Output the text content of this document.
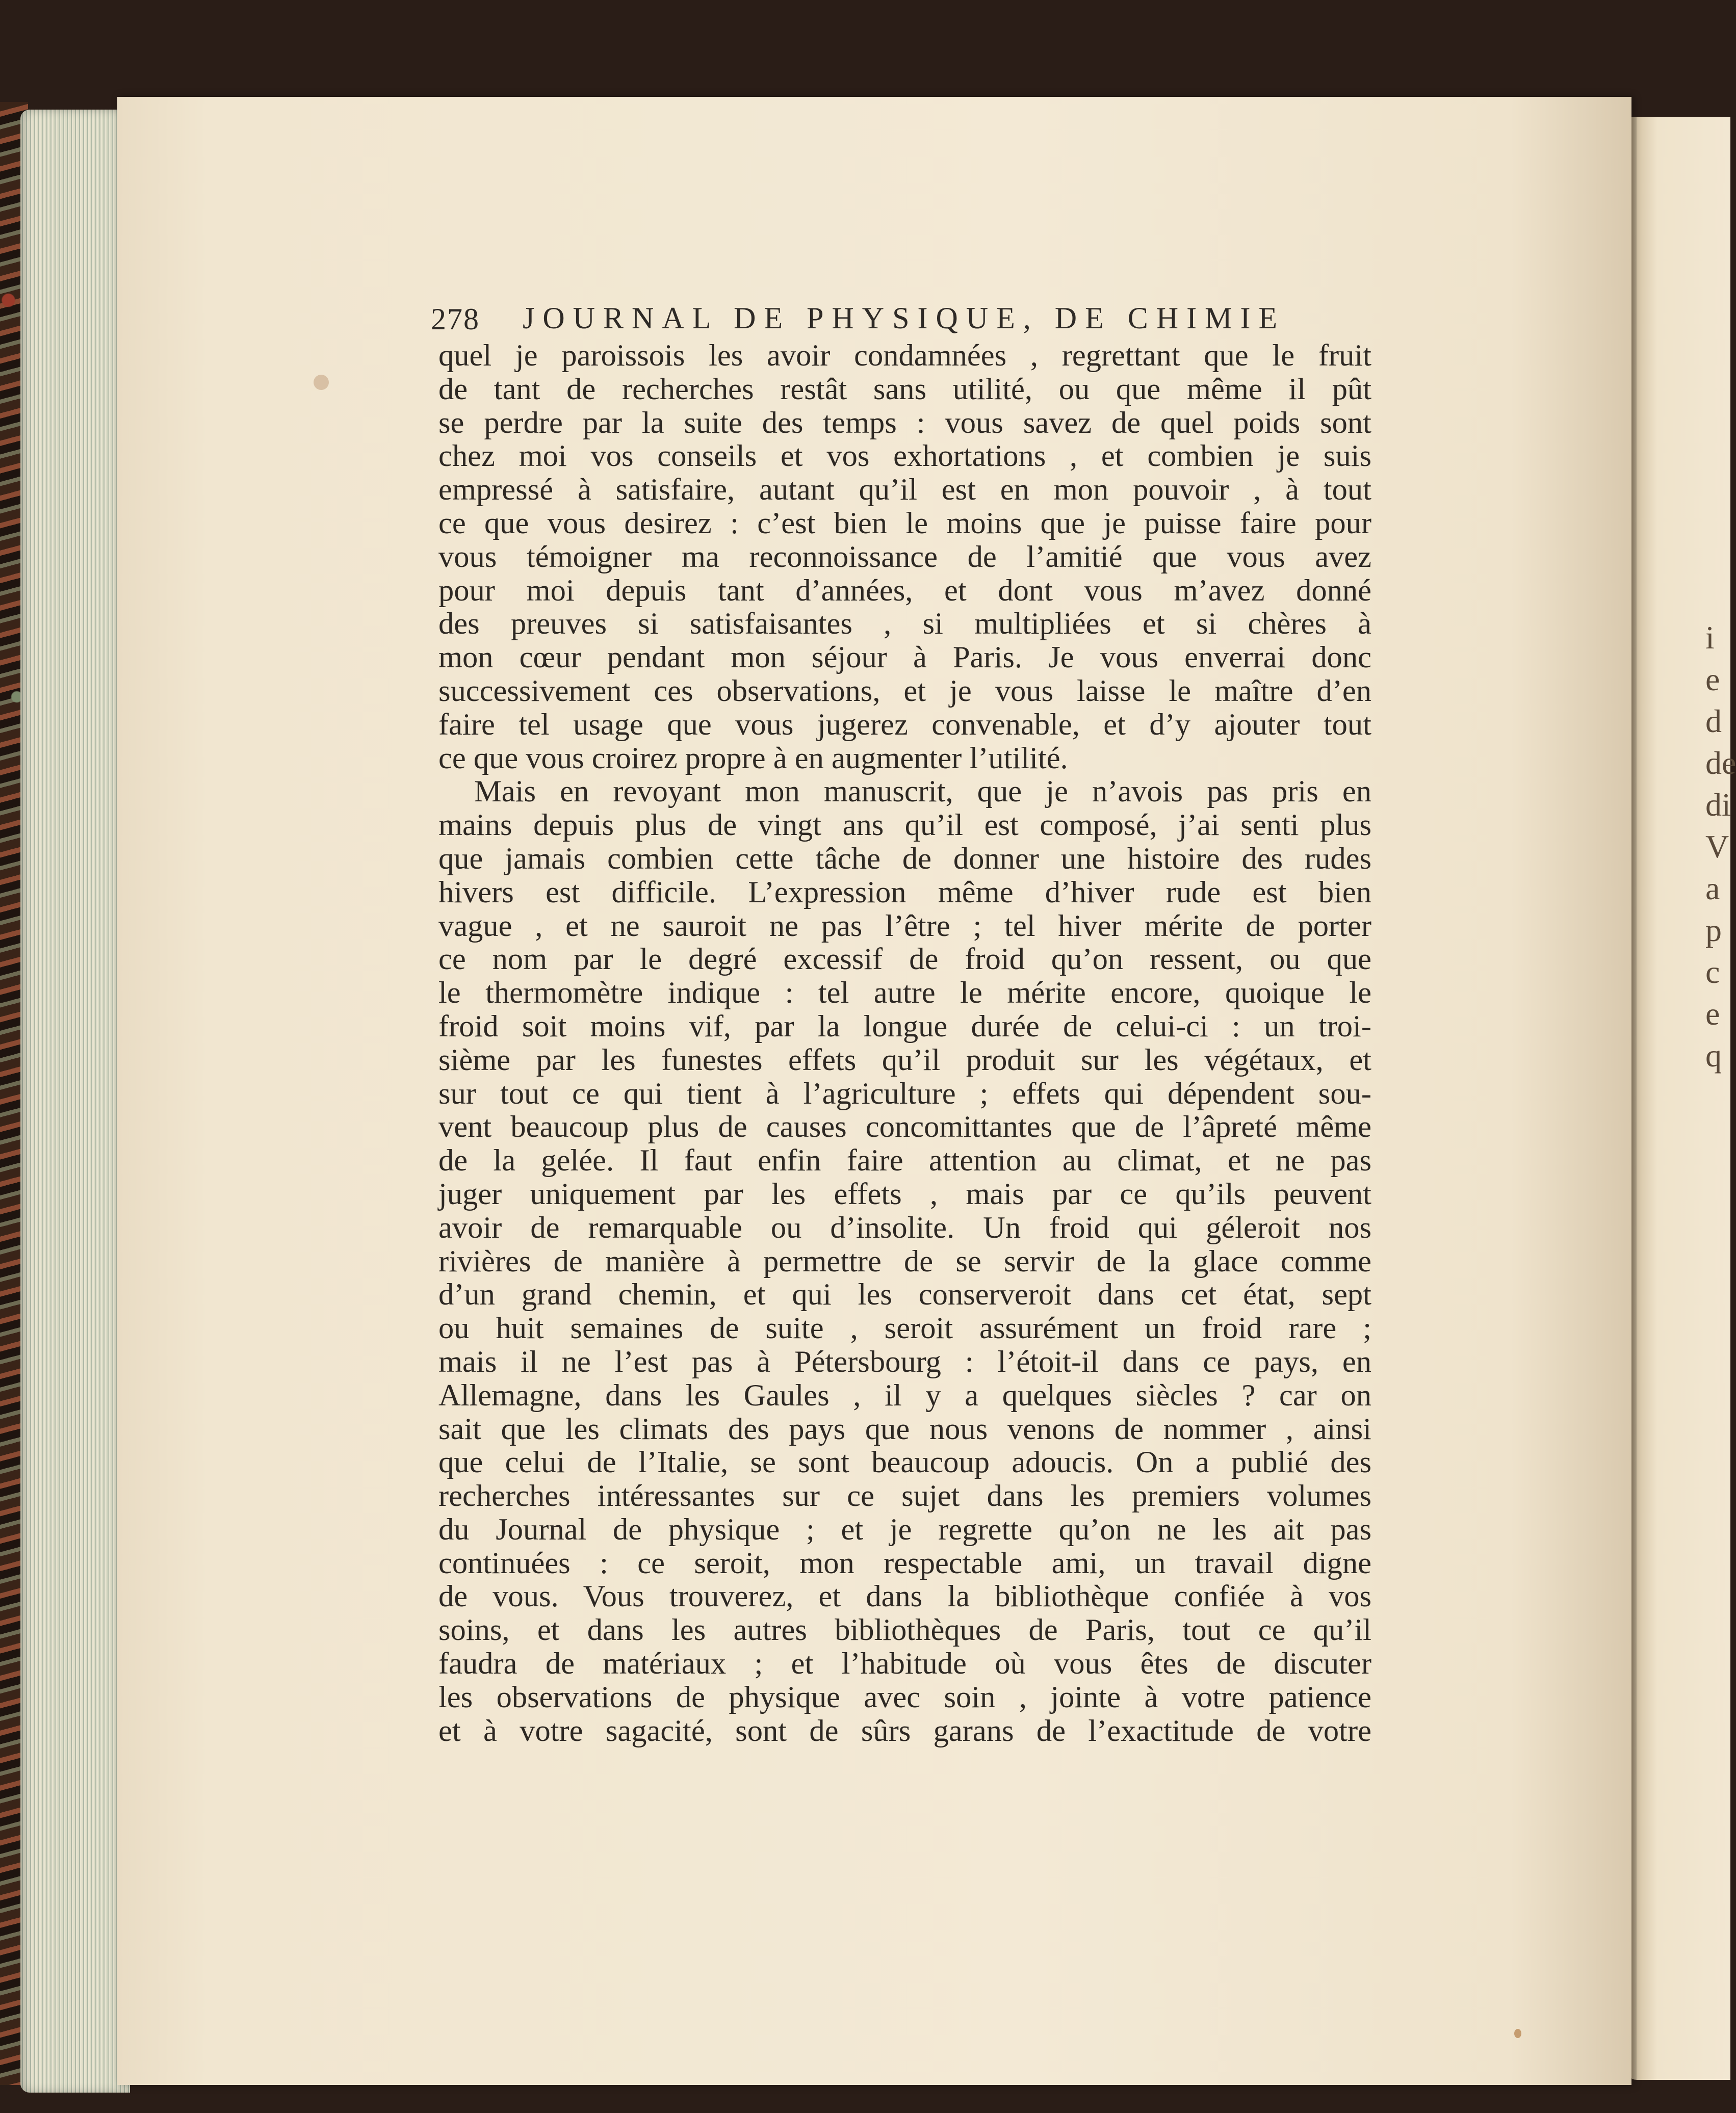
i
e
d
de
di
V
a
p
c
e
q
278 JOURNAL DE PHYSIQUE, DE CHIMIE
quel je paroissois les avoir condamnées , regrettant que le fruit
de tant de recherches restât sans utilité, ou que même il pût
se perdre par la suite des temps : vous savez de quel poids sont
chez moi vos conseils et vos exhortations , et combien je suis
empressé à satisfaire, autant qu’il est en mon pouvoir , à tout
ce que vous desirez : c’est bien le moins que je puisse faire pour
vous témoigner ma reconnoissance de l’amitié que vous avez
pour moi depuis tant d’années, et dont vous m’avez donné
des preuves si satisfaisantes , si multipliées et si chères à
mon cœur pendant mon séjour à Paris. Je vous enverrai donc
successivement ces observations, et je vous laisse le maître d’en
faire tel usage que vous jugerez convenable, et d’y ajouter tout
ce que vous croirez propre à en augmenter l’utilité.
Mais en revoyant mon manuscrit, que je n’avois pas pris en
mains depuis plus de vingt ans qu’il est composé, j’ai senti plus
que jamais combien cette tâche de donner une histoire des rudes
hivers est difficile. L’expression même d’hiver rude est bien
vague , et ne sauroit ne pas l’être ; tel hiver mérite de porter
ce nom par le degré excessif de froid qu’on ressent, ou que
le thermomètre indique : tel autre le mérite encore, quoique le
froid soit moins vif, par la longue durée de celui-ci : un troi-
sième par les funestes effets qu’il produit sur les végétaux, et
sur tout ce qui tient à l’agriculture ; effets qui dépendent sou-
vent beaucoup plus de causes concomittantes que de l’âpreté même
de la gelée. Il faut enfin faire attention au climat, et ne pas
juger uniquement par les effets , mais par ce qu’ils peuvent
avoir de remarquable ou d’insolite. Un froid qui géleroit nos
rivières de manière à permettre de se servir de la glace comme
d’un grand chemin, et qui les conserveroit dans cet état, sept
ou huit semaines de suite , seroit assurément un froid rare ;
mais il ne l’est pas à Pétersbourg : l’étoit-il dans ce pays, en
Allemagne, dans les Gaules , il y a quelques siècles ? car on
sait que les climats des pays que nous venons de nommer , ainsi
que celui de l’Italie, se sont beaucoup adoucis. On a publié des
recherches intéressantes sur ce sujet dans les premiers volumes
du Journal de physique ; et je regrette qu’on ne les ait pas
continuées : ce seroit, mon respectable ami, un travail digne
de vous. Vous trouverez, et dans la bibliothèque confiée à vos
soins, et dans les autres bibliothèques de Paris, tout ce qu’il
faudra de matériaux ; et l’habitude où vous êtes de discuter
les observations de physique avec soin , jointe à votre patience
et à votre sagacité, sont de sûrs garans de l’exactitude de votre
